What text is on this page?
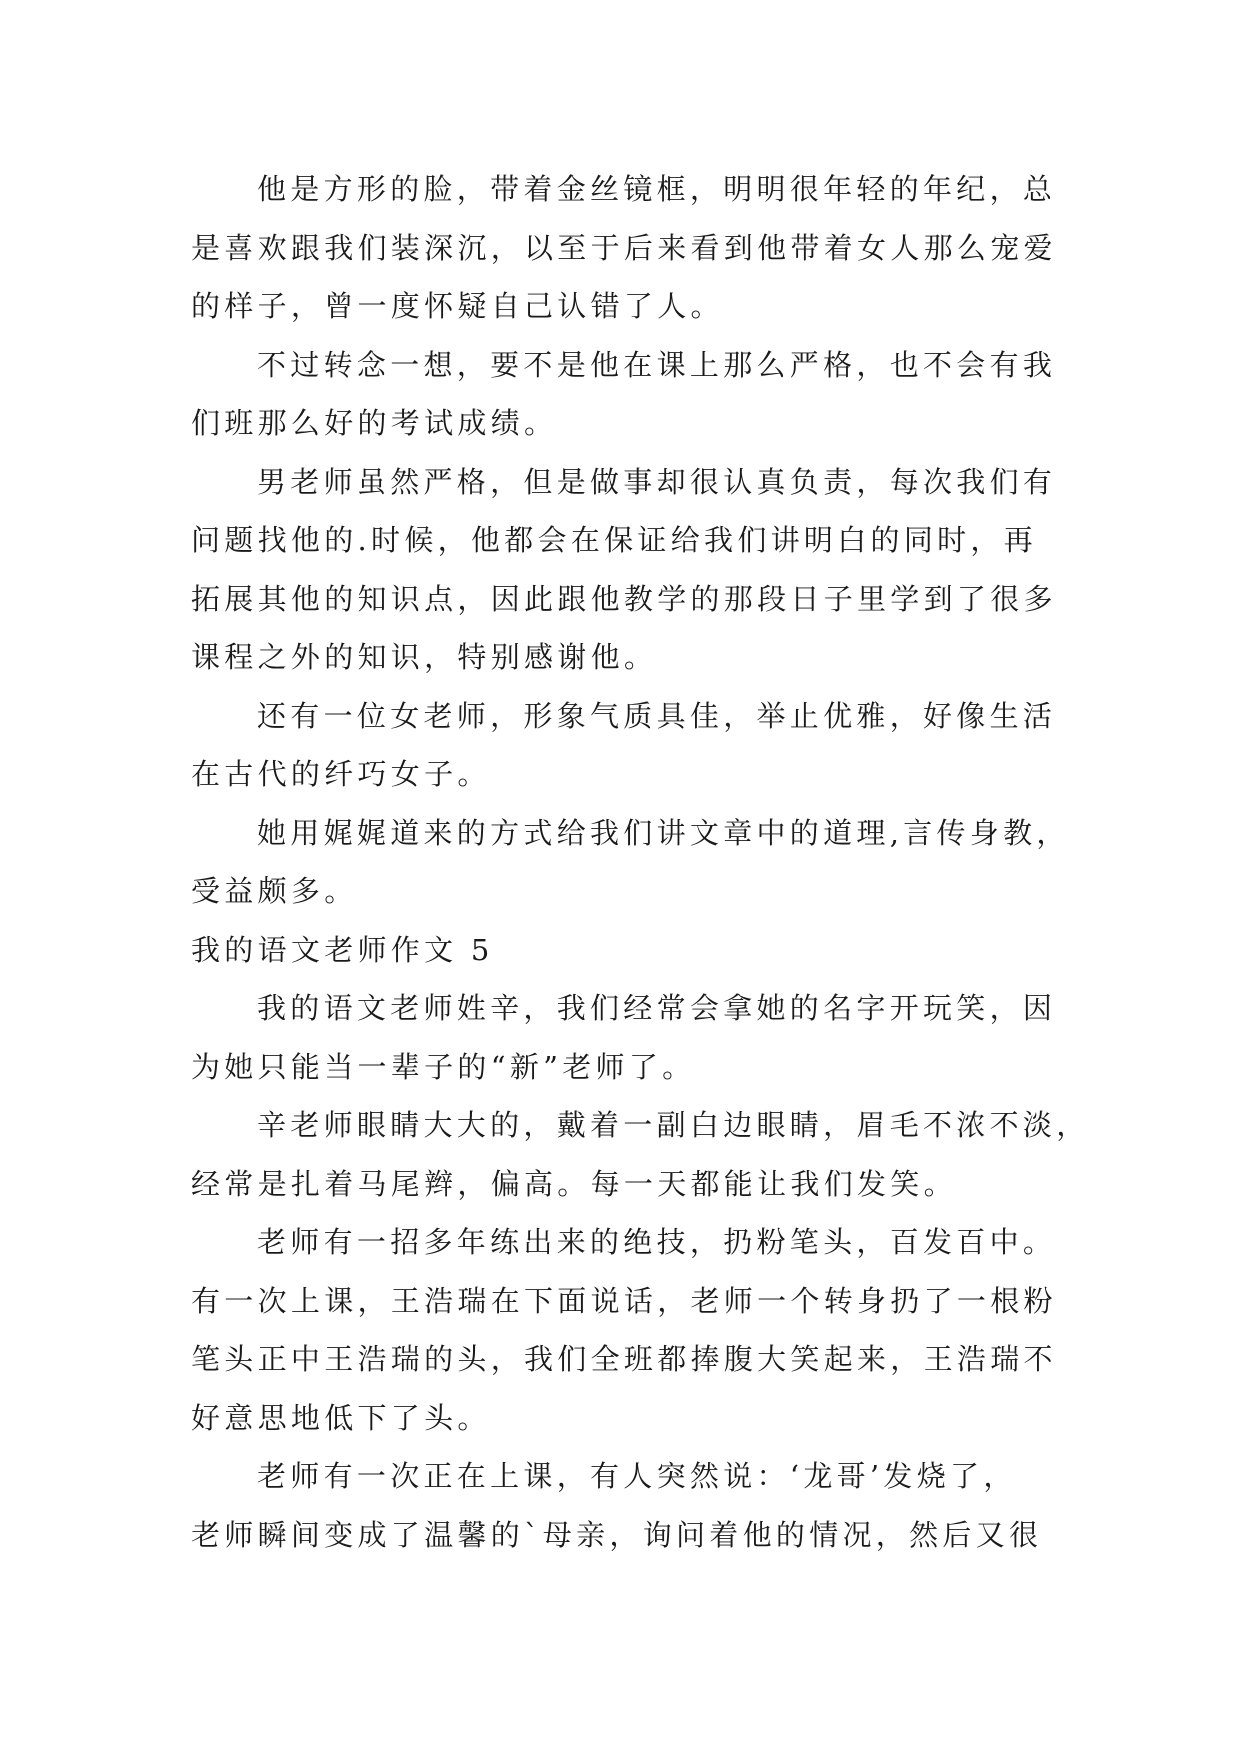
他是方形的脸，带着金丝镜框，明明很年轻的年纪，总
是喜欢跟我们装深沉，以至于后来看到他带着女人那么宠爱
的样子，曾一度怀疑自己认错了人。
不过转念一想，要不是他在课上那么严格，也不会有我
们班那么好的考试成绩。
男老师虽然严格，但是做事却很认真负责，每次我们有
问题找他的.时候，他都会在保证给我们讲明白的同时，再
拓展其他的知识点，因此跟他教学的那段日子里学到了很多
课程之外的知识，特别感谢他。
还有一位女老师，形象气质具佳，举止优雅，好像生活
在古代的纤巧女子。
她用娓娓道来的方式给我们讲文章中的道理,言传身教，
受益颇多。
我的语文老师作文 5
我的语文老师姓辛，我们经常会拿她的名字开玩笑，因
为她只能当一辈子的“新”老师了。
辛老师眼睛大大的，戴着一副白边眼睛，眉毛不浓不淡，
经常是扎着马尾辫，偏高。每一天都能让我们发笑。
老师有一招多年练出来的绝技，扔粉笔头，百发百中。
有一次上课，王浩瑞在下面说话，老师一个转身扔了一根粉
笔头正中王浩瑞的头，我们全班都捧腹大笑起来，王浩瑞不
好意思地低下了头。
老师有一次正在上课，有人突然说：‘龙哥’发烧了，
老师瞬间变成了温馨的`母亲，询问着他的情况，然后又很
